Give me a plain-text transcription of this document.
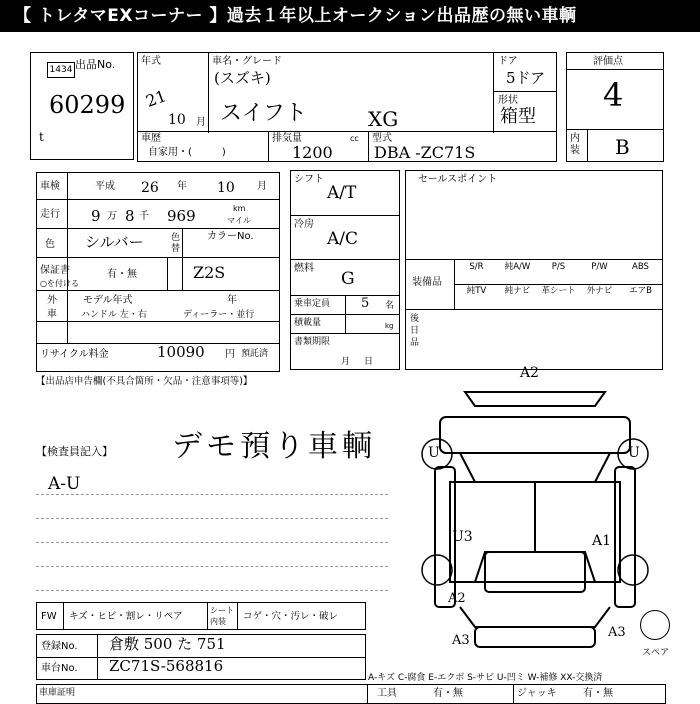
【 トレタマEXコーナー 】過去１年以上オークション出品歴の無い車輌
出品No.
1434
60299
t
年式
21
10 月
車名・グレード
(スズキ)
スイフト	XG
ドア
5ドア
形状
箱型
車歴
自家用・(　　　)
排気量	cc
1200
型式
DBA -ZC71S
評価点
4
内装 B
車検	平成 26 年 10 月
走行 9 万 8 千 969	km
マイル
色 シルバー	色替
カラーNo.
Z2S
保証書	有・無
○を付ける
外
車
モデル年式	年
ハンドル 左・右	ディーラー・並行
リサイクル料金	10090 円 預託済
シフト
A/T
冷房
A/C
燃料
G
乗車定員 5 名
積載量	kg
書類期限
月日
セールスポイント
装備品
後日品
【出品店申告欄(不具合箇所・欠品・注意事項等)】
【検査員記入】 デモ預り車輌
A-U
A2
U
U3	A1
A2
A3
A3
U
スペア
FW キズ・ヒビ・割レ・リペア
シート内装	コゲ・穴・汚レ・破レ
登録No. 倉敷 500 た 751
車台No. ZC71S-568816
A-キズ C-腐食 E-エクボ S-サビ U-凹ミ W-補修 XX-交換済
車庫証明	工具	有・無	ジャッキ	有・無
S/R	純A/W	P/S	P/W	ABS
純TV	純ナビ	革シート	外ナビ	エアB
